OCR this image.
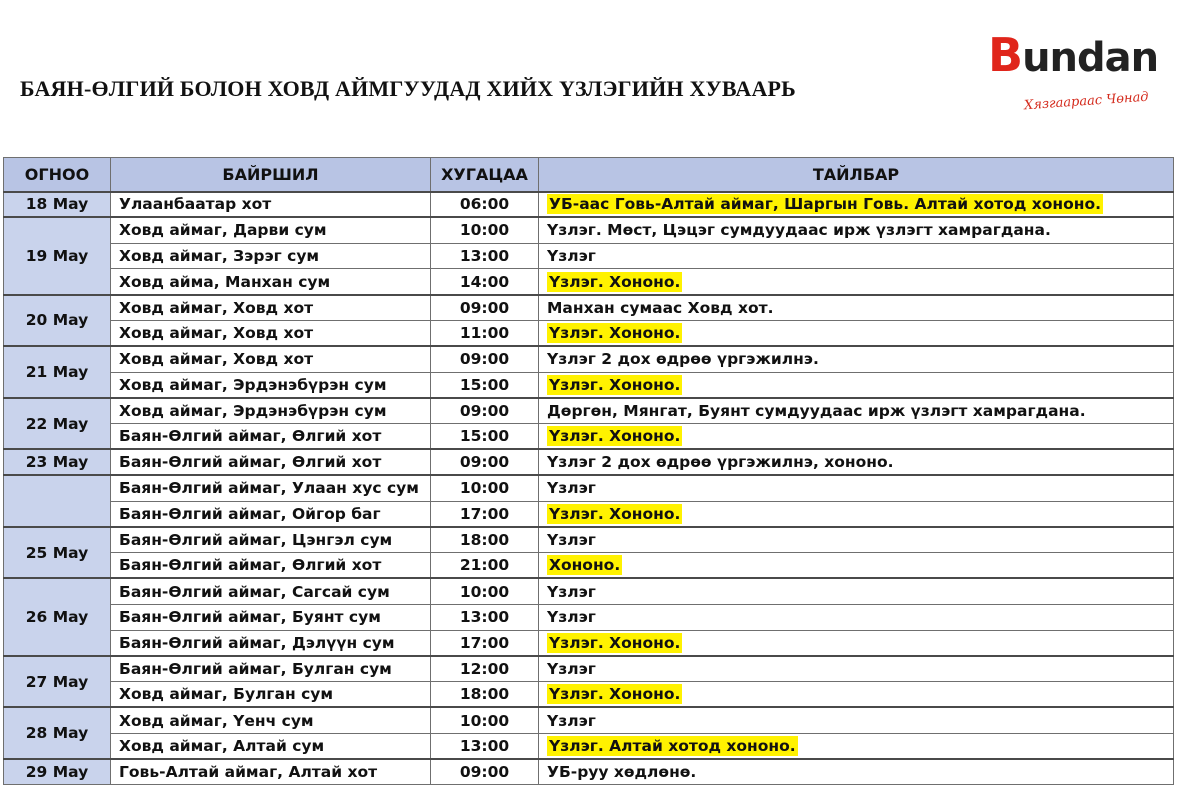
БАЯН-ӨЛГИЙ БОЛОН ХОВД АЙМГУУДАД ХИЙХ ҮЗЛЭГИЙН ХУВААРЬ
Bundan
Хязгаараас Чөнад
ОГНОО	БАЙРШИЛ	ХУГАЦАА	ТАЙЛБАР
18 May	Улаанбаатар хот	06:00	УБ-аас Говь-Алтай аймаг, Шаргын Говь. Алтай хотод хононо.
19 May	Ховд аймаг, Дарви сум	10:00	Үзлэг. Мөст, Цэцэг сумдуудаас ирж үзлэгт хамрагдана.
	Ховд аймаг, Зэрэг сум	13:00	Үзлэг
	Ховд айма, Манхан сум	14:00	Үзлэг. Хононо.
20 May	Ховд аймаг, Ховд хот	09:00	Манхан сумаас Ховд хот.
	Ховд аймаг, Ховд хот	11:00	Үзлэг. Хононо.
21 May	Ховд аймаг, Ховд хот	09:00	Үзлэг 2 дох өдрөө үргэжилнэ.
	Ховд аймаг, Эрдэнэбүрэн сум	15:00	Үзлэг. Хононо.
22 May	Ховд аймаг, Эрдэнэбүрэн сум	09:00	Дөргөн, Мянгат, Буянт сумдуудаас ирж үзлэгт хамрагдана.
	Баян-Өлгий аймаг, Өлгий хот	15:00	Үзлэг. Хононо.
23 May	Баян-Өлгий аймаг, Өлгий хот	09:00	Үзлэг 2 дох өдрөө үргэжилнэ, хононо.
	Баян-Өлгий аймаг, Улаан хус сум	10:00	Үзлэг
	Баян-Өлгий аймаг, Ойгор баг	17:00	Үзлэг. Хононо.
25 May	Баян-Өлгий аймаг, Цэнгэл сум	18:00	Үзлэг
	Баян-Өлгий аймаг, Өлгий хот	21:00	Хононо.
26 May	Баян-Өлгий аймаг, Сагсай сум	10:00	Үзлэг
	Баян-Өлгий аймаг, Буянт сум	13:00	Үзлэг
	Баян-Өлгий аймаг, Дэлүүн сум	17:00	Үзлэг. Хононо.
27 May	Баян-Өлгий аймаг, Булган сум	12:00	Үзлэг
	Ховд аймаг, Булган сум	18:00	Үзлэг. Хононо.
28 May	Ховд аймаг, Үенч сум	10:00	Үзлэг
	Ховд аймаг, Алтай сум	13:00	Үзлэг. Алтай хотод хононо.
29 May	Говь-Алтай аймаг, Алтай хот	09:00	УБ-руу хөдлөнө.
